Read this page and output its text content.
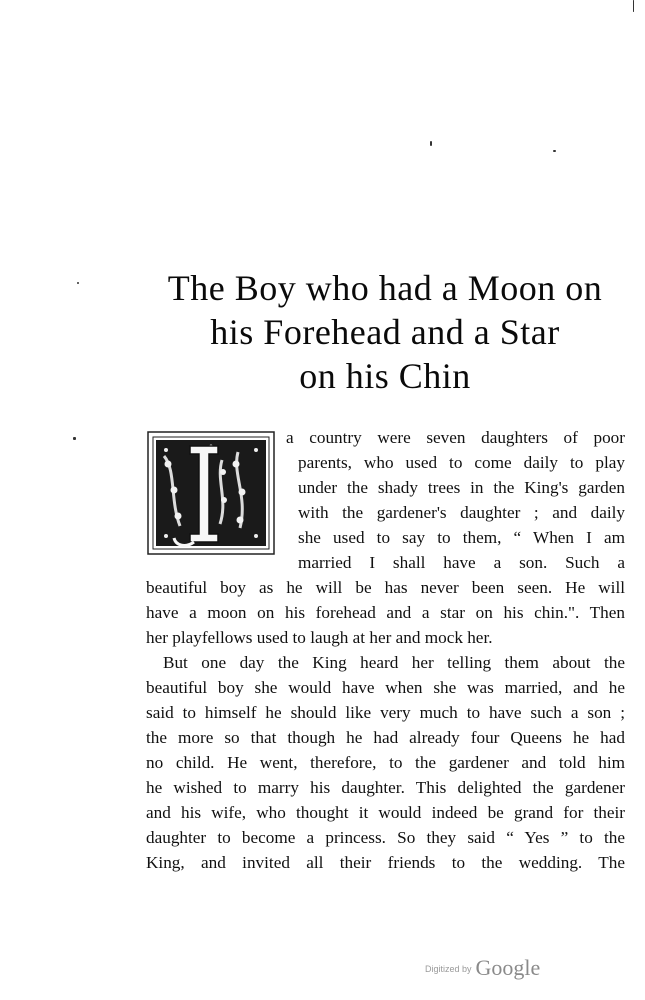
The Boy who had a Moon on
his Forehead and a Star
on his Chin
a country were seven daughters of poor
parents, who used to come daily to play
under the shady trees in the King's garden
with the gardener's daughter ; and daily
she used to say to them, “ When I am
married I shall have a son. Such a
beautiful boy as he will be has never been seen. He will
have a moon on his forehead and a star on his chin.". Then
her playfellows used to laugh at her and mock her.
But one day the King heard her telling them about the
beautiful boy she would have when she was married, and he
said to himself he should like very much to have such a son ;
the more so that though he had already four Queens he had
no child. He went, therefore, to the gardener and told him
he wished to marry his daughter. This delighted the gardener
and his wife, who thought it would indeed be grand for their
daughter to become a princess. So they said “ Yes ” to the
King, and invited all their friends to the wedding. The
Digitized by Google
